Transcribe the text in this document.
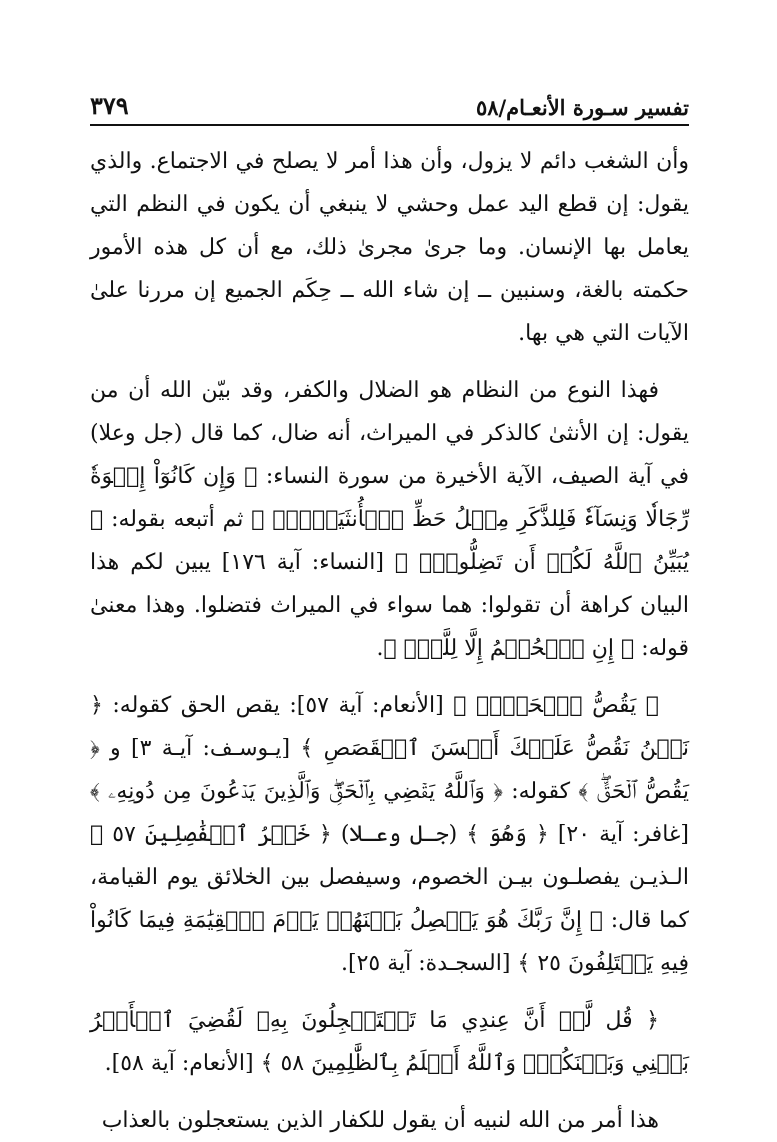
تفسير سـورة الأنعـام/٥٨
٣٧٩

وأن الشغب دائم لا يزول، وأن هذا أمر لا يصلح في الاجتماع. والذي يقول: إن قطع اليد عمل وحشي لا ينبغي أن يكون في النظم التي يعامل بها الإنسان. وما جرىٰ مجرىٰ ذلك، مع أن كل هذه الأمور حكمته بالغة، وسنبين ــ إن شاء الله ــ حِكَم الجميع إن مررنا علىٰ الآيات التي هي بها.

فهذا النوع من النظام هو الضلال والكفر، وقد بيّن الله أن من يقول: إن الأنثىٰ كالذكر في الميراث، أنه ضال، كما قال (جل وعلا) في آية الصيف، الآية الأخيرة من سورة النساء: ﴿ وَإِن كَانُوٓاْ إِخۡوَةٗ رِّجَالٗا وَنِسَآءٗ فَلِلذَّكَرِ مِثۡلُ حَظِّ ٱلۡأُنثَيَيۡنِۗ ﴾ ثم أتبعه بقوله: ﴿ يُبَيِّنُ ٱللَّهُ لَكُمۡ أَن تَضِلُّواْۗ ﴾ [النساء: آية ١٧٦] يبين لكم هذا البيان كراهة أن تقولوا: هما سواء في الميراث فتضلوا. وهذا معنىٰ قوله: ﴿ إِنِ ٱلۡحُكۡمُ إِلَّا لِلَّهِۖ ﴾.

﴿ يَقُصُّ ٱلۡحَقَّۖ ﴾ [الأنعام: آية ٥٧]: يقص الحق كقوله: ﴿ نَحۡنُ نَقُصُّ عَلَيۡكَ أَحۡسَنَ ٱلۡقَصَصِ ﴾ [يـوسـف: آيـة ٣] و ﴿ يَقُصُّ ٱلۡحَقَّۖ ﴾ كقوله: ﴿ وَٱللَّهُ يَقۡضِي بِٱلۡحَقِّۖ وَٱلَّذِينَ يَدۡعُونَ مِن دُونِهِۦ ﴾ [غافر: آية ٢٠] ﴿ وَهُوَ ﴾ (جـل وعـلا) ﴿ خَيۡرُ ٱلۡفَٰصِلِينَ ٥٧ ﴾ الـذيـن يفصلـون بيـن الخصوم، وسيفصل بين الخلائق يوم القيامة، كما قال: ﴿ إِنَّ رَبَّكَ هُوَ يَفۡصِلُ بَيۡنَهُمۡ يَوۡمَ ٱلۡقِيَٰمَةِ فِيمَا كَانُواْ فِيهِ يَخۡتَلِفُونَ ٢٥ ﴾ [السجـدة: آية ٢٥].

﴿ قُل لَّوۡ أَنَّ عِندِي مَا تَسۡتَعۡجِلُونَ بِهِۦ لَقُضِيَ ٱلۡأَمۡرُ بَيۡنِي وَبَيۡنَكُمۡۗ وَٱللَّهُ أَعۡلَمُ بِٱلظَّٰلِمِينَ ٥٨ ﴾ [الأنعام: آية ٥٨].

هذا أمر من الله لنبيه أن يقول للكفار الذين يستعجلون بالعذاب
